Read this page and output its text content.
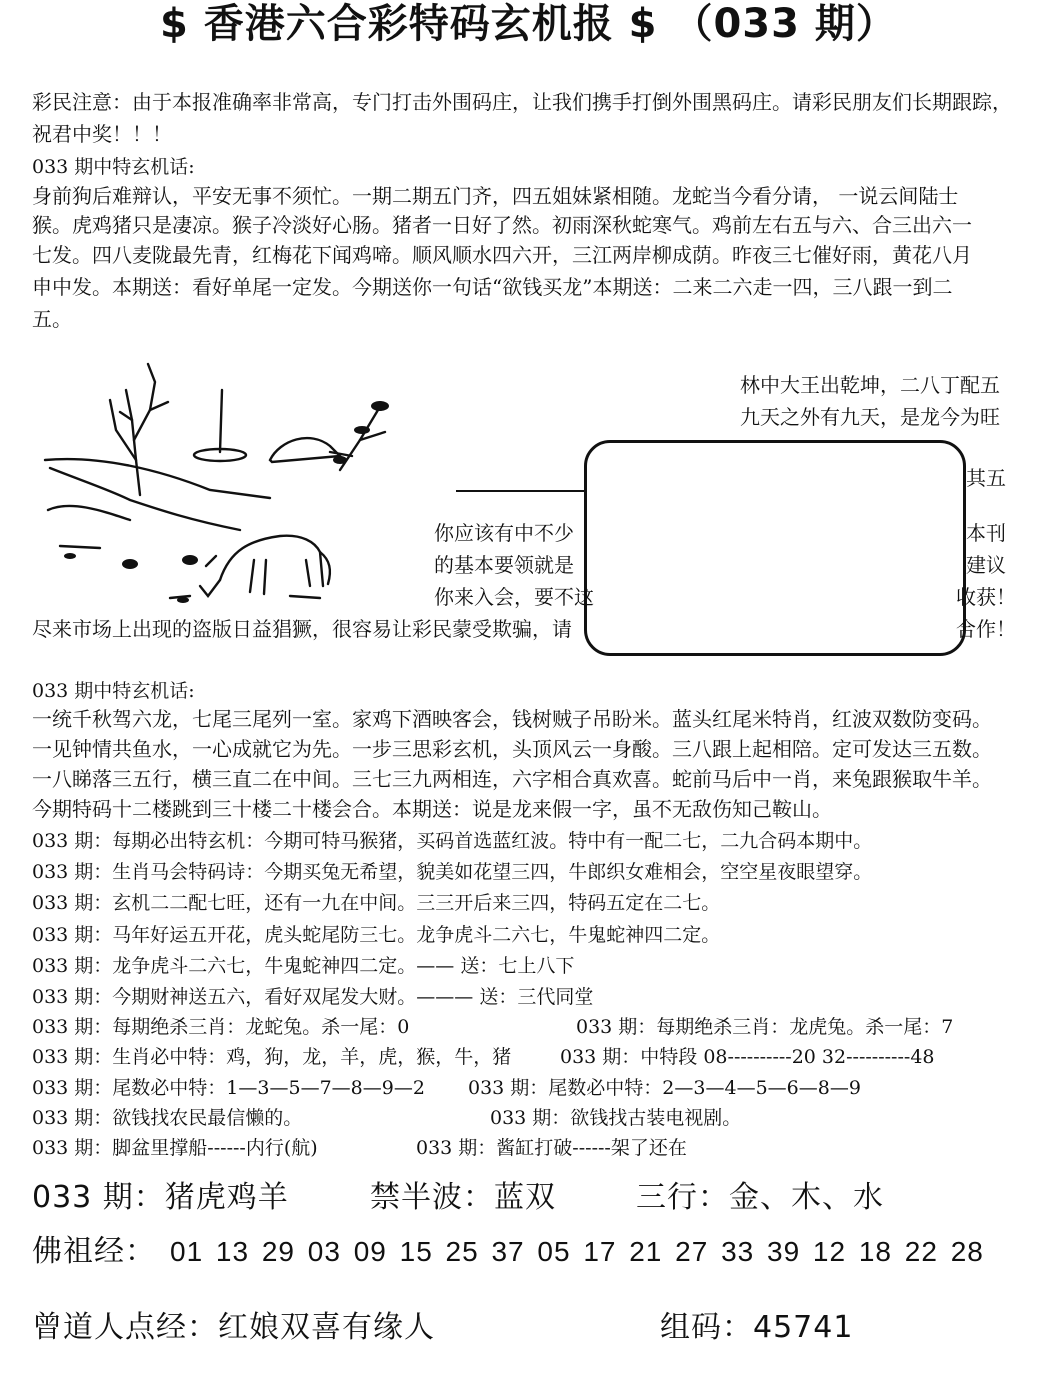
$ 香港六合彩特码玄机报 $ （033 期）
彩民注意：由于本报准确率非常高，专门打击外围码庄，让我们携手打倒外围黑码庄。请彩民朋友们长期跟踪，祝君中奖！！！
033 期中特玄机话:
身前狗后难辩认，平安无事不须忙。一期二期五门齐，四五姐妹紧相随。龙蛇当今看分请， 一说云间陆士
猴。虎鸡猪只是凄凉。猴子冷淡好心肠。猪者一日好了然。初雨深秋蛇寒气。鸡前左右五与六、合三出六一
七发。四八麦陇最先青，红梅花下闻鸡啼。顺风顺水四六开，三江两岸柳成荫。昨夜三七催好雨，黄花八月
申中发。本期送：看好单尾一定发。今期送你一句话“欲钱买龙”本期送：二来二六走一四，三八跟一到二
五。
林中大王出乾坤，二八丁配五
九天之外有九天，是龙今为旺
其五
本刊
建议
收获！
合作！
你应该有中不少
的基本要领就是
你来入会，要不这
尽来市场上出现的盗版日益猖獗，很容易让彩民蒙受欺骗，请
033 期中特玄机话:
一统千秋驾六龙，七尾三尾列一室。家鸡下酒映客会，钱树贼子吊盼米。蓝头红尾米特肖，红波双数防变码。
一见钟情共鱼水，一心成就它为先。一步三思彩玄机，头顶风云一身酸。三八跟上起相陪。定可发达三五数。
一八睇落三五行，横三直二在中间。三七三九两相连，六字相合真欢喜。蛇前马后中一肖，来兔跟猴取牛羊。
今期特码十二楼跳到三十楼二十楼会合。本期送：说是龙来假一字，虽不无敌伤知己鞍山。
033 期：每期必出特玄机：今期可特马猴猪，买码首选蓝红波。特中有一配二七，二九合码本期中。
033 期：生肖马会特码诗：今期买兔无希望，貌美如花望三四，牛郎织女难相会，空空星夜眼望穿。
033 期：玄机二二配七旺，还有一九在中间。三三开后来三四，特码五定在二七。
033 期：马年好运五开花，虎头蛇尾防三七。龙争虎斗二六七，牛鬼蛇神四二定。
033 期：龙争虎斗二六七，牛鬼蛇神四二定。—— 送：七上八下
033 期：今期财神送五六，看好双尾发大财。——— 送：三代同堂
033 期：每期绝杀三肖：龙蛇兔。杀一尾：0	033 期：每期绝杀三肖：龙虎兔。杀一尾：7
033 期：生肖必中特：鸡，狗，龙，羊，虎，猴，牛，猪	033 期：中特段 08----------20 32----------48
033 期：尾数必中特：1—3—5—7—8—9—2 033 期：尾数必中特：2—3—4—5—6—8—9
033 期：欲钱找农民最信懒的。	033 期：欲钱找古装电视剧。
033 期：脚盆里撑船------内行(航)	033 期：酱缸打破------架了还在
033 期：猪虎鸡羊	禁半波：蓝双	三行：金、木、水
佛祖经： 01 13 29 03 09 15 25 37 05 17 21 27 33 39 12 18 22 28
曾道人点经：红娘双喜有缘人	组码：45741
